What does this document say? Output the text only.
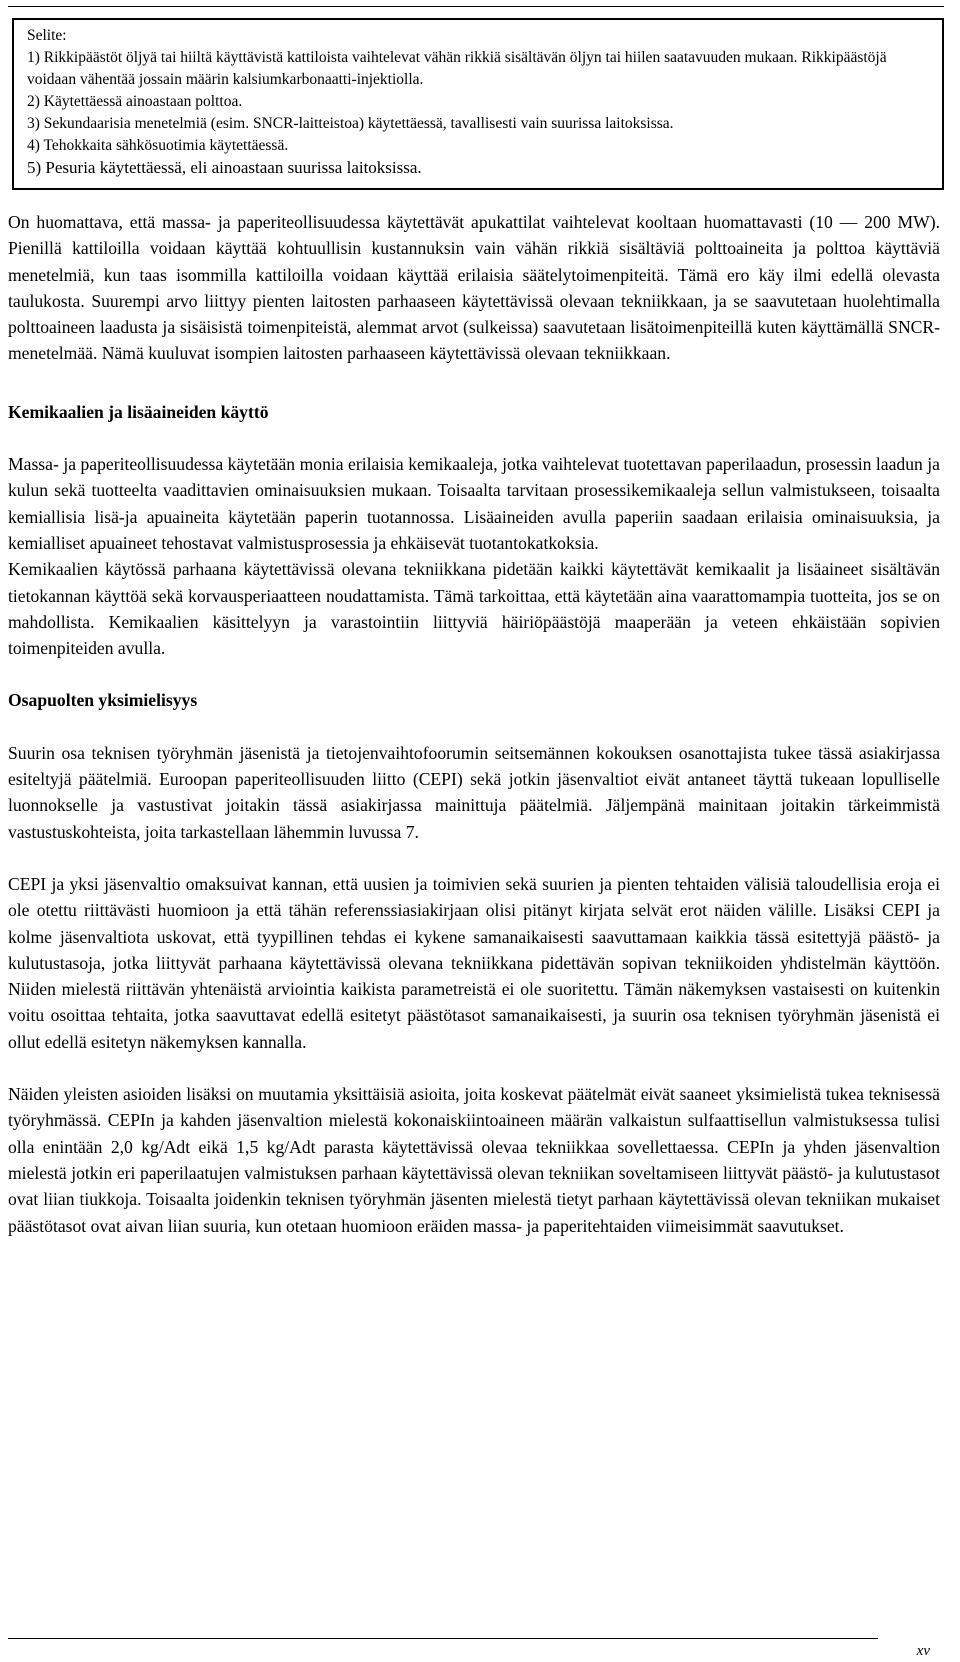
Selite:

1) Rikkipäästöt öljyä tai hiiltä käyttävistä kattiloista vaihtelevat vähän rikkiä sisältävän öljyn tai hiilen saatavuuden mukaan. Rikkipäästöjä voidaan vähentää jossain määrin kalsiumkarbonaatti-injektiolla.

2) Käytettäessä ainoastaan polttoa.

3) Sekundaarisia menetelmiä (esim. SNCR-laitteistoa) käytettäessä, tavallisesti vain suurissa laitoksissa.

4) Tehokkaita sähkösuotimia käytettäessä.

5) Pesuria käytettäessä, eli ainoastaan suurissa laitoksissa.

On huomattava, että massa- ja paperiteollisuudessa käytettävät apukattilat vaihtelevat kooltaan huomattavasti (10 — 200 MW). Pienillä kattiloilla voidaan käyttää kohtuullisin kustannuksin vain vähän rikkiä sisältäviä polttoaineita ja polttoa käyttäviä menetelmiä, kun taas isommilla kattiloilla voidaan käyttää erilaisia säätelytoimenpiteitä. Tämä ero käy ilmi edellä olevasta taulukosta. Suurempi arvo liittyy pienten laitosten parhaaseen käytettävissä olevaan tekniikkaan, ja se saavutetaan huolehtimalla polttoaineen laadusta ja sisäisistä toimenpiteistä, alemmat arvot (sulkeissa) saavutetaan lisätoimenpiteillä kuten käyttämällä SNCR-menetelmää. Nämä kuuluvat isompien laitosten parhaaseen käytettävissä olevaan tekniikkaan.

Kemikaalien ja lisäaineiden käyttö

Massa- ja paperiteollisuudessa käytetään monia erilaisia kemikaaleja, jotka vaihtelevat tuotettavan paperilaadun, prosessin laadun ja kulun sekä tuotteelta vaadittavien ominaisuuksien mukaan. Toisaalta tarvitaan prosessikemikaaleja sellun valmistukseen, toisaalta kemiallisia lisä-ja apuaineita käytetään paperin tuotannossa. Lisäaineiden avulla paperiin saadaan erilaisia ominaisuuksia, ja kemialliset apuaineet tehostavat valmistusprosessia ja ehkäisevät tuotantokatkoksia.

Kemikaalien käytössä parhaana käytettävissä olevana tekniikkana pidetään kaikki käytettävät kemikaalit ja lisäaineet sisältävän tietokannan käyttöä sekä korvausperiaatteen noudattamista. Tämä tarkoittaa, että käytetään aina vaarattomampia tuotteita, jos se on mahdollista. Kemikaalien käsittelyyn ja varastointiin liittyviä häiriöpäästöjä maaperään ja veteen ehkäistään sopivien toimenpiteiden avulla.

Osapuolten yksimielisyys

Suurin osa teknisen työryhmän jäsenistä ja tietojenvaihtofoorumin seitsemännen kokouksen osanottajista tukee tässä asiakirjassa esiteltyjä päätelmiä. Euroopan paperiteollisuuden liitto (CEPI) sekä jotkin jäsenvaltiot eivät antaneet täyttä tukeaan lopulliselle luonnokselle ja vastustivat joitakin tässä asiakirjassa mainittuja päätelmiä. Jäljempänä mainitaan joitakin tärkeimmistä vastustuskohteista, joita tarkastellaan lähemmin luvussa 7.

CEPI ja yksi jäsenvaltio omaksuivat kannan, että uusien ja toimivien sekä suurien ja pienten tehtaiden välisiä taloudellisia eroja ei ole otettu riittävästi huomioon ja että tähän referenssiasiakirjaan olisi pitänyt kirjata selvät erot näiden välille. Lisäksi CEPI ja kolme jäsenvaltiota uskovat, että tyypillinen tehdas ei kykene samanaikaisesti saavuttamaan kaikkia tässä esitettyjä päästö- ja kulutustasoja, jotka liittyvät parhaana käytettävissä olevana tekniikkana pidettävän sopivan tekniikoiden yhdistelmän käyttöön. Niiden mielestä riittävän yhtenäistä arviointia kaikista parametreistä ei ole suoritettu. Tämän näkemyksen vastaisesti on kuitenkin voitu osoittaa tehtaita, jotka saavuttavat edellä esitetyt päästötasot samanaikaisesti, ja suurin osa teknisen työryhmän jäsenistä ei ollut edellä esitetyn näkemyksen kannalla.

Näiden yleisten asioiden lisäksi on muutamia yksittäisiä asioita, joita koskevat päätelmät eivät saaneet yksimielistä tukea teknisessä työryhmässä. CEPIn ja kahden jäsenvaltion mielestä kokonaiskiintoaineen määrän valkaistun sulfaattisellun valmistuksessa tulisi olla enintään 2,0 kg/Adt eikä 1,5 kg/Adt parasta käytettävissä olevaa tekniikkaa sovellettaessa. CEPIn ja yhden jäsenvaltion mielestä jotkin eri paperilaatujen valmistuksen parhaan käytettävissä olevan tekniikan soveltamiseen liittyvät päästö- ja kulutustasot ovat liian tiukkoja. Toisaalta joidenkin teknisen työryhmän jäsenten mielestä tietyt parhaan käytettävissä olevan tekniikan mukaiset päästötasot ovat aivan liian suuria, kun otetaan huomioon eräiden massa- ja paperitehtaiden viimeisimmät saavutukset.

xv
